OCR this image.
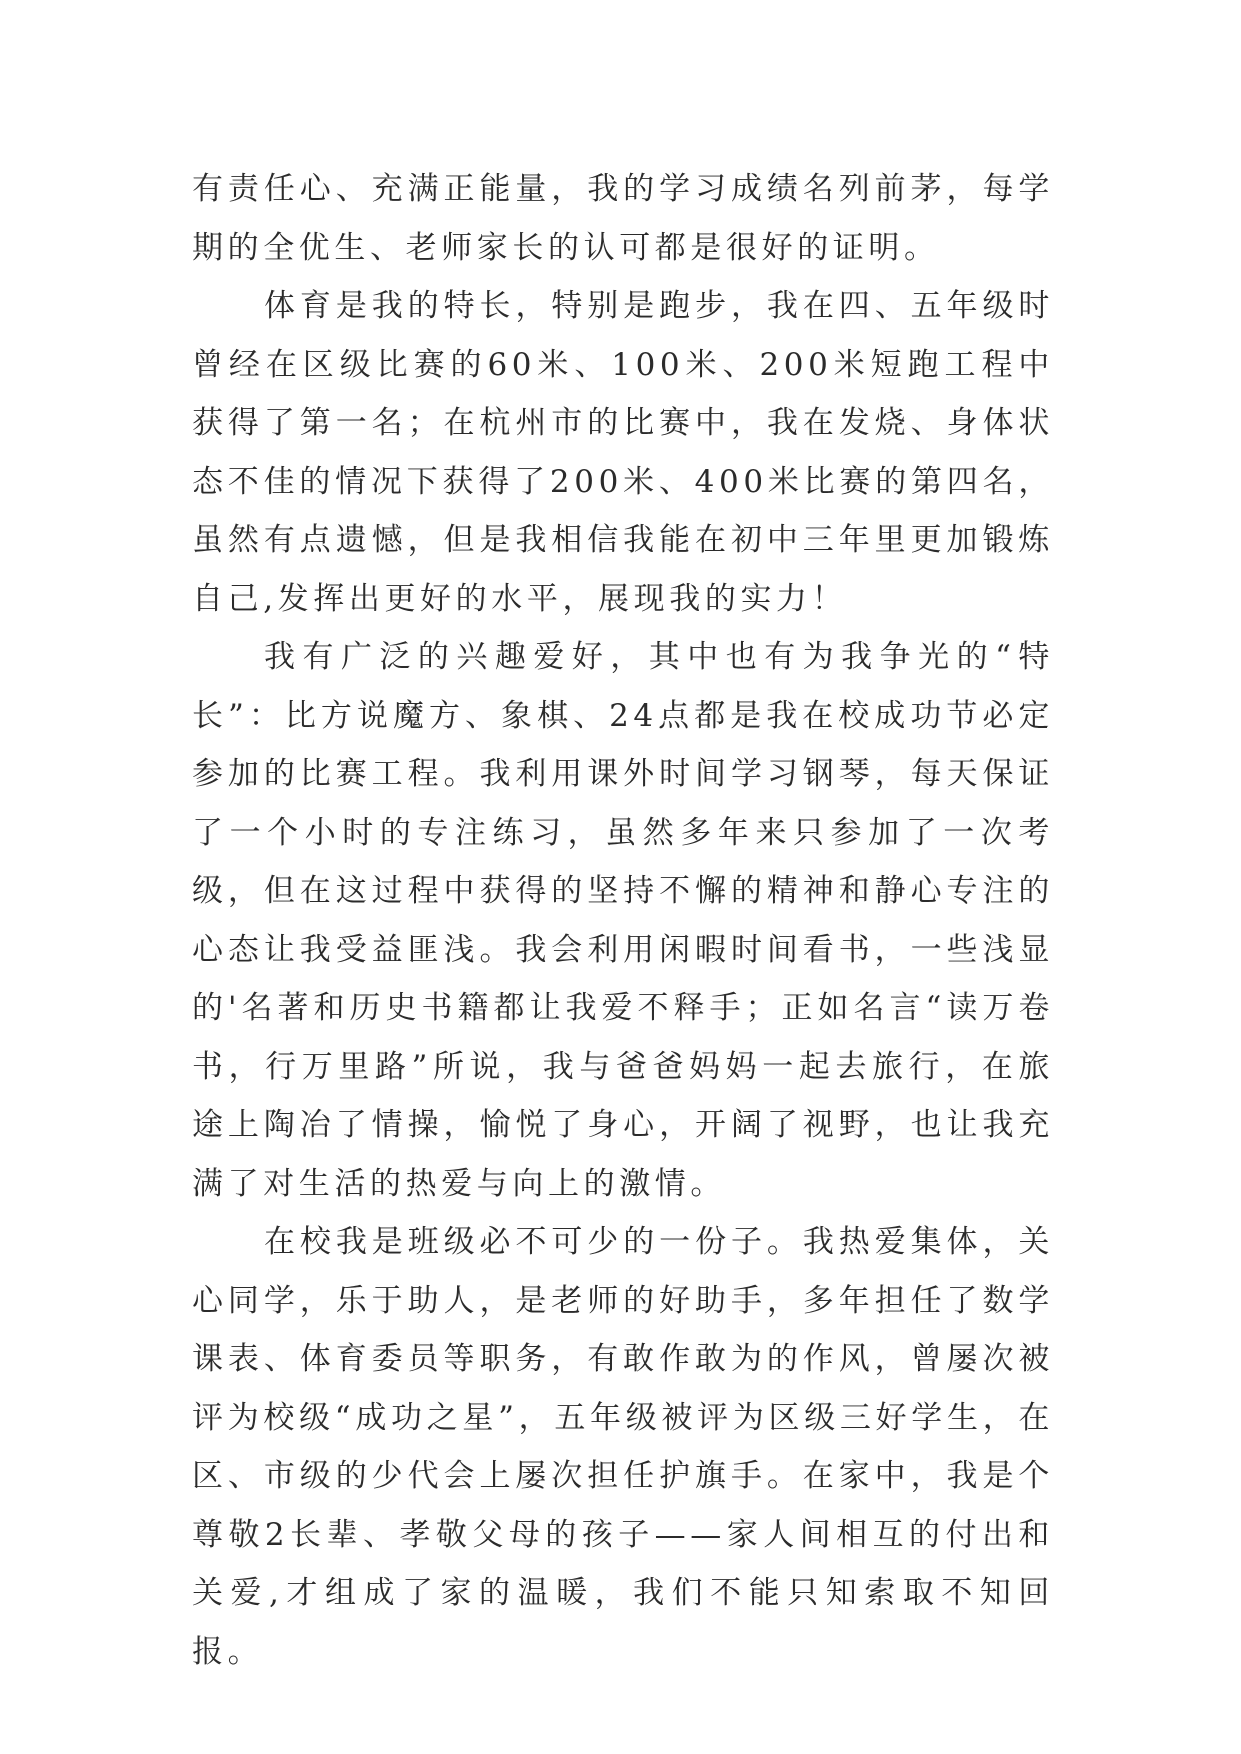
有责任心、充满正能量，我的学习成绩名列前茅，每学期的全优生、老师家长的认可都是很好的证明。

体育是我的特长，特别是跑步，我在四、五年级时曾经在区级比赛的60米、100米、200米短跑工程中获得了第一名；在杭州市的比赛中，我在发烧、身体状态不佳的情况下获得了200米、400米比赛的第四名，虽然有点遗憾，但是我相信我能在初中三年里更加锻炼自己,发挥出更好的水平，展现我的实力！

我有广泛的兴趣爱好，其中也有为我争光的“特长”：比方说魔方、象棋、24点都是我在校成功节必定参加的比赛工程。我利用课外时间学习钢琴，每天保证了一个小时的专注练习，虽然多年来只参加了一次考级，但在这过程中获得的坚持不懈的精神和静心专注的心态让我受益匪浅。我会利用闲暇时间看书，一些浅显的'名著和历史书籍都让我爱不释手；正如名言“读万卷书，行万里路”所说，我与爸爸妈妈一起去旅行，在旅途上陶冶了情操，愉悦了身心，开阔了视野，也让我充满了对生活的热爱与向上的激情。

在校我是班级必不可少的一份子。我热爱集体，关心同学，乐于助人，是老师的好助手，多年担任了数学课表、体育委员等职务，有敢作敢为的作风，曾屡次被评为校级“成功之星”，五年级被评为区级三好学生，在区、市级的少代会上屡次担任护旗手。在家中，我是个尊敬2长辈、孝敬父母的孩子——家人间相互的付出和关爱,才组成了家的温暖，我们不能只知索取不知回报。
